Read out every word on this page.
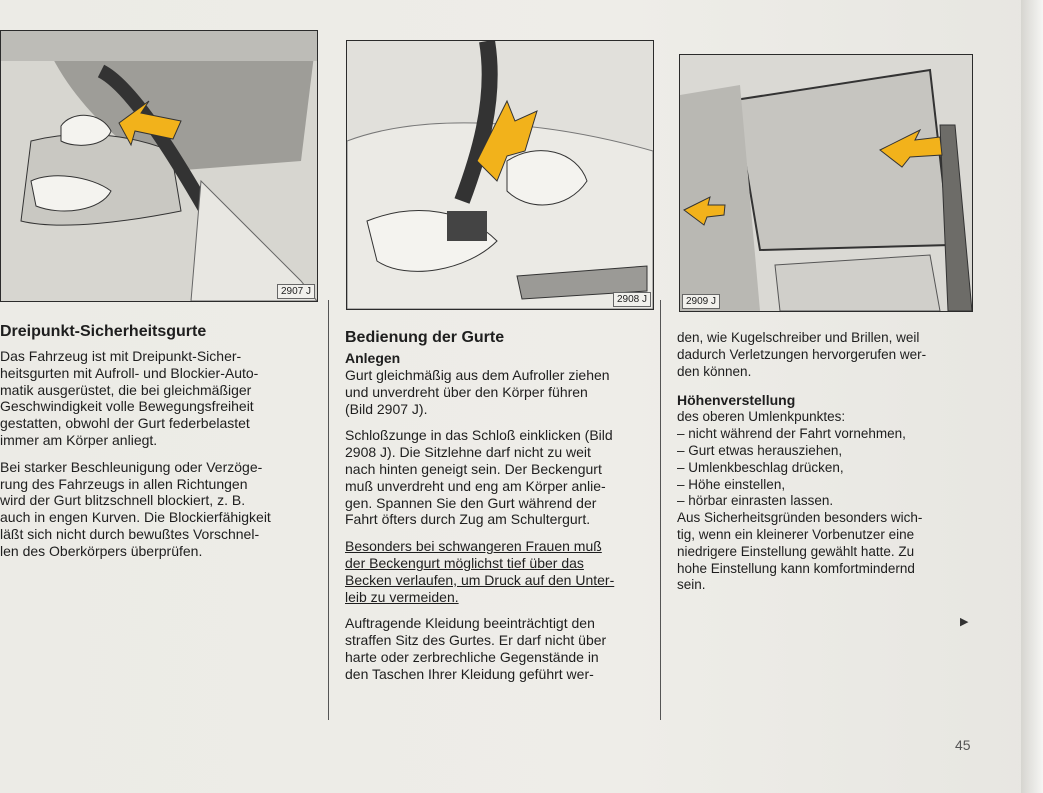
2907 J
2908 J	2909 J
Dreipunkt-Sicherheitsgurte

Das Fahrzeug ist mit Dreipunkt-Sicher-
heitsgurten mit Aufroll- und Blockier-Auto-
matik ausgerüstet, die bei gleichmäßiger
Geschwindigkeit volle Bewegungsfreiheit
gestatten, obwohl der Gurt federbelastet
immer am Körper anliegt.

Bei starker Beschleunigung oder Verzöge-
rung des Fahrzeugs in allen Richtungen
wird der Gurt blitzschnell blockiert, z. B.
auch in engen Kurven. Die Blockierfähigkeit
läßt sich nicht durch bewußtes Vorschnel-
len des Oberkörpers überprüfen.

Bedienung der Gurte
Anlegen

Gurt gleichmäßig aus dem Aufroller ziehen
und unverdreht über den Körper führen
(Bild 2907 J).

Schloßzunge in das Schloß einklicken (Bild
2908 J). Die Sitzlehne darf nicht zu weit
nach hinten geneigt sein. Der Beckengurt
muß unverdreht und eng am Körper anlie-
gen. Spannen Sie den Gurt während der
Fahrt öfters durch Zug am Schultergurt.

Besonders bei schwangeren Frauen muß
der Beckengurt möglichst tief über das
Becken verlaufen, um Druck auf den Unter-
leib zu vermeiden.

Auftragende Kleidung beeinträchtigt den
straffen Sitz des Gurtes. Er darf nicht über
harte oder zerbrechliche Gegenstände in
den Taschen Ihrer Kleidung geführt wer-

den, wie Kugelschreiber und Brillen, weil
dadurch Verletzungen hervorgerufen wer-
den können.

Höhenverstellung

des oberen Umlenkpunktes:
– nicht während der Fahrt vornehmen,
– Gurt etwas herausziehen,
– Umlenkbeschlag drücken,
– Höhe einstellen,
– hörbar einrasten lassen.
Aus Sicherheitsgründen besonders wich-
tig, wenn ein kleinerer Vorbenutzer eine
niedrigere Einstellung gewählt hatte. Zu
hohe Einstellung kann komfortmindernd
sein.

▶
45
